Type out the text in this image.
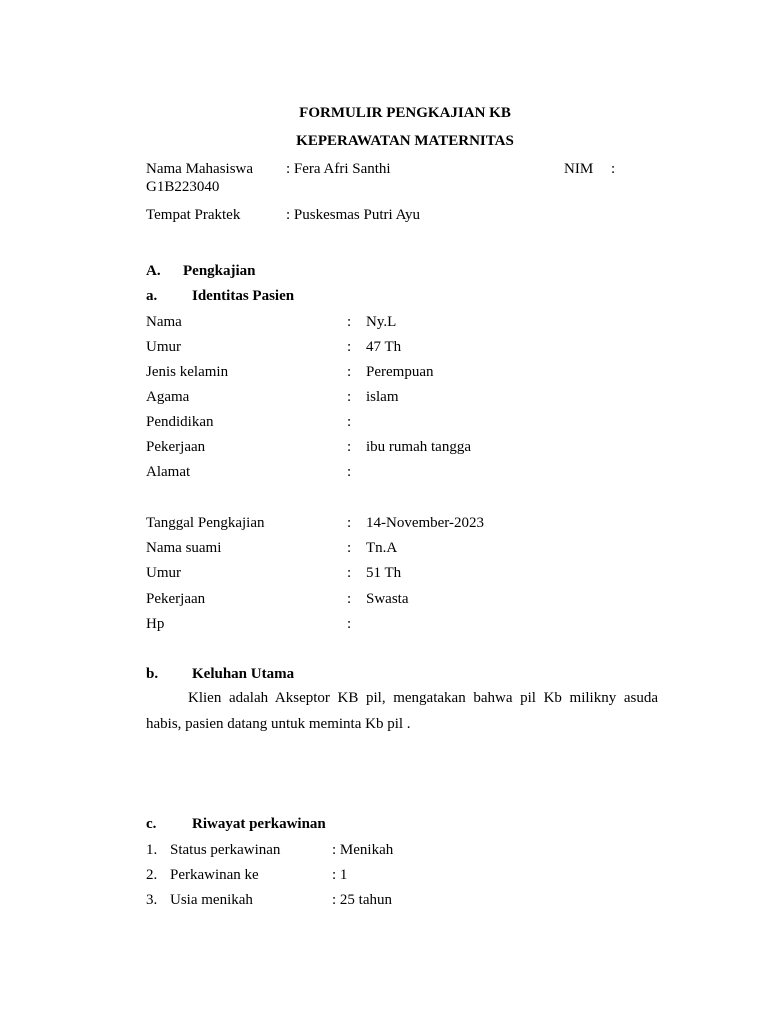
FORMULIR PENGKAJIAN KB
KEPERAWATAN MATERNITAS
Nama Mahasiswa : Fera Afri Santhi	NIM :
G1B223040
Tempat Praktek	: Puskesmas Putri Ayu
A. Pengkajian
a. Identitas Pasien
Nama	: Ny.L
Umur	: 47 Th
Jenis kelamin	: Perempuan
Agama	: islam
Pendidikan	:
Pekerjaan	: ibu rumah tangga
Alamat	:
Tanggal Pengkajian	: 14-November-2023
Nama suami	: Tn.A
Umur	: 51 Th
Pekerjaan	: Swasta
Hp	:
b. Keluhan Utama
Klien adalah Akseptor KB pil, mengatakan bahwa pil Kb milikny asuda
habis, pasien datang untuk meminta Kb pil .
c. Riwayat perkawinan
1. Status perkawinan	: Menikah
2. Perkawinan ke	: 1
3. Usia menikah	: 25 tahun
